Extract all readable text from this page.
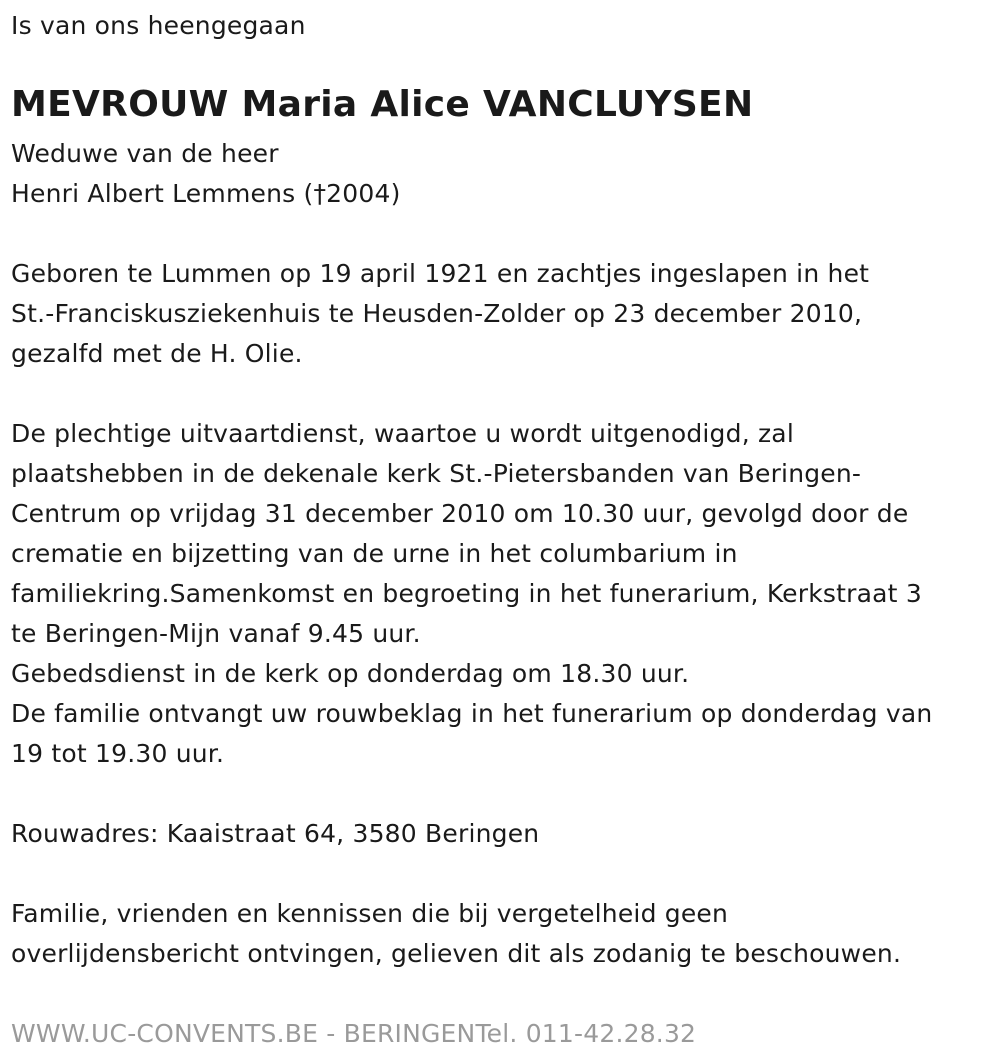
Is van ons heengegaan
MEVROUW Maria Alice VANCLUYSEN
Weduwe van de heer
Henri Albert Lemmens (†2004)
Geboren te Lummen op 19 april 1921 en zachtjes ingeslapen in het
St.-Franciskusziekenhuis te Heusden-Zolder op 23 december 2010,
gezalfd met de H. Olie.
De plechtige uitvaartdienst, waartoe u wordt uitgenodigd, zal
plaatshebben in de dekenale kerk St.-Pietersbanden van Beringen-
Centrum op vrijdag 31 december 2010 om 10.30 uur, gevolgd door de
crematie en bijzetting van de urne in het columbarium in
familiekring.Samenkomst en begroeting in het funerarium, Kerkstraat 3
te Beringen-Mijn vanaf 9.45 uur.
Gebedsdienst in de kerk op donderdag om 18.30 uur.
De familie ontvangt uw rouwbeklag in het funerarium op donderdag van
19 tot 19.30 uur.
Rouwadres: Kaaistraat 64, 3580 Beringen
Familie, vrienden en kennissen die bij vergetelheid geen
overlijdensbericht ontvingen, gelieven dit als zodanig te beschouwen.
WWW.UC-CONVENTS.BE - BERINGENTel. 011-42.28.32
